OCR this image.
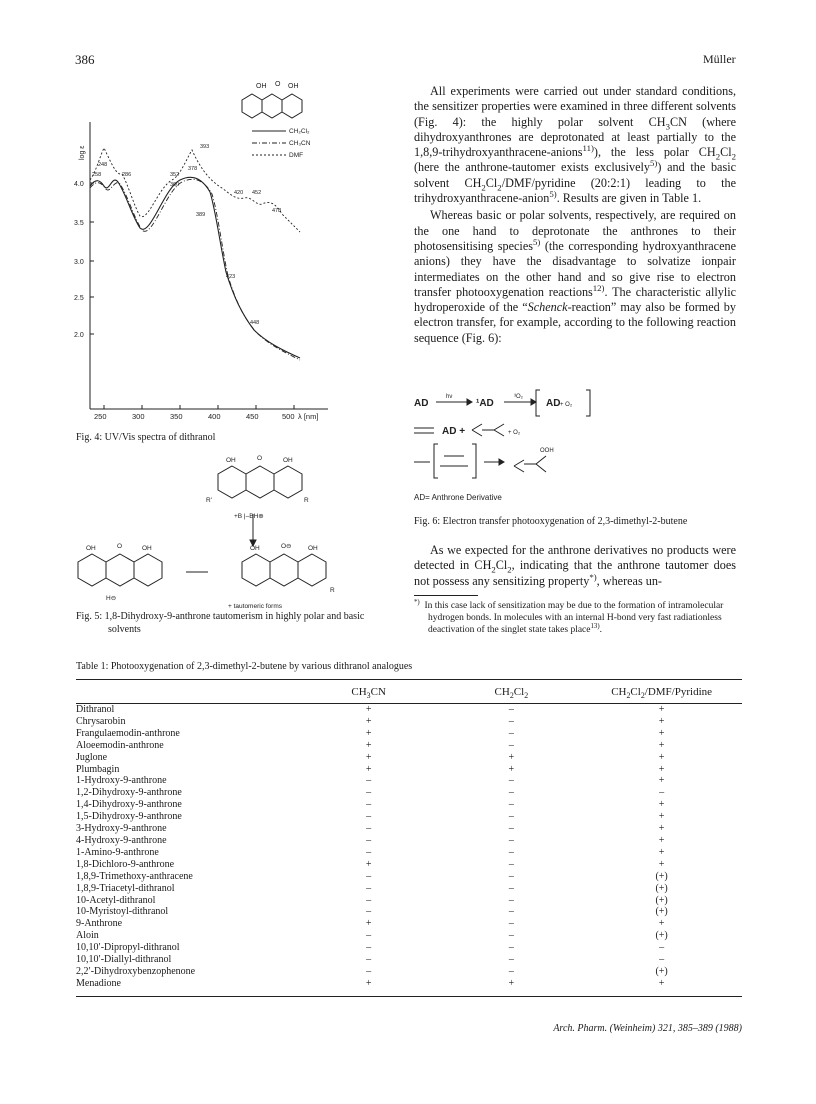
386	Müller
OH O OH
CH₂Cl₂
CH₃CN
DMF
log ε
4.0
3.5
3.0
2.5
2.0
250	300	350	400	450	500 λ [nm]
248
258	286
393
352
360
378
389
420 452
478
423
448
Fig. 4: UV/Vis spectra of dithranol
OH	O	OH
R'	R
+B |–BH⊕
OH	O	OH	OH	O⊖	OH
H⊖
R
+ tautomeric forms
Fig. 5: 1,8-Dihydroxy-9-anthrone tautomerism in highly polar and basic
solvents

All experiments were carried out under standard conditions, the sensitizer properties were examined in three different solvents (Fig. 4): the highly polar solvent $CH_3CN$ (where dihydroxyanthrones are deprotonated at least partially to the 1,8,9-trihydroxyanthracene-anions$^{11)}$), the less polar $CH_2Cl_2$ (here the anthrone-tautomer exists exclusively$^{5)}$) and the basic solvent $CH_2Cl_2/DMF$/pyridine (20:2:1) leading to the trihydroxyanthracene-anion$^{5)}$. Results are given in Table 1.

Whereas basic or polar solvents, respectively, are required on the one hand to deprotonate the anthrones to their photosensitising species$^{5)}$ (the corresponding hydroxyanthracene anions) they have the disadvantage to solvatize ionpair intermediates on the other hand and so give rise to electron transfer photooxygenation reactions$^{12)}$. The characteristic allylic hydroperoxide of the “Schenck-reaction” may also be formed by electron transfer, for example, according to the following reaction sequence (Fig. 6):

AD	¹AD	AD
AD +
hν	³O₂
+ O₂
+ O₂
OOH
AD= Anthrone Derivative
Fig. 6: Electron transfer photooxygenation of 2,3-dimethyl-2-butene

As we expected for the anthrone derivatives no products were detected in $CH_2Cl_2$, indicating that the anthrone tautomer does not possess any sensitizing property*), whereas un-

*)  In this case lack of sensitization may be due to the formation of intramolecular hydrogen bonds. In molecules with an internal H-bond very fast radiationless deactivation of the singlet state takes place$^{13)}$.
Table 1: Photooxygenation of 2,3-dimethyl-2-butene by various dithranol analogues
	$CH_3CN$	$CH_2Cl_2$	$CH_2Cl_2/DMF$/Pyridine
Dithranol	+	–	+
Chrysarobin	+	–	+
Frangulaemodin-anthrone	+	–	+
Aloeemodin-anthrone	+	–	+
Juglone	+	+	+
Plumbagin	+	+	+
1-Hydroxy-9-anthrone	–	–	+
1,2-Dihydroxy-9-anthrone	–	–	–
1,4-Dihydroxy-9-anthrone	–	–	+
1,5-Dihydroxy-9-anthrone	–	–	+
3-Hydroxy-9-anthrone	–	–	+
4-Hydroxy-9-anthrone	–	–	+
1-Amino-9-anthrone	–	–	+
1,8-Dichloro-9-anthrone	+	–	+
1,8,9-Trimethoxy-anthracene	–	–	(+)
1,8,9-Triacetyl-dithranol	–	–	(+)
10-Acetyl-dithranol	–	–	(+)
10-Myristoyl-dithranol	–	–	(+)
9-Anthrone	+	–	+
Aloin	–	–	(+)
10,10′-Dipropyl-dithranol	–	–	–
10,10′-Diallyl-dithranol	–	–	–
2,2′-Dihydroxybenzophenone	–	–	(+)
Menadione	+	+	+
Arch. Pharm. (Weinheim) 321, 385–389 (1988)
